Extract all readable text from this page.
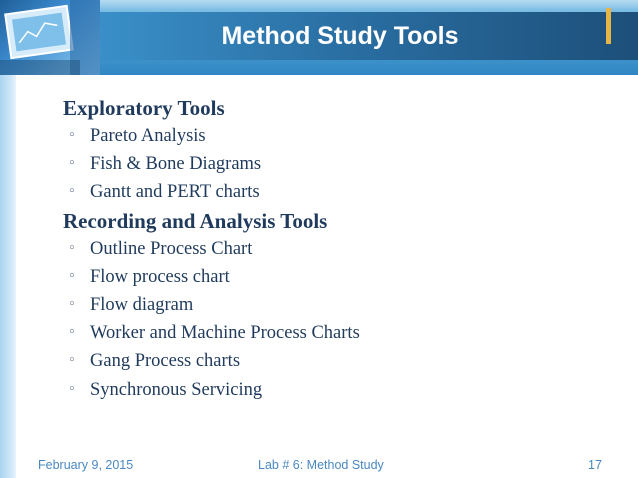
Method Study Tools
Exploratory Tools
◦ Pareto Analysis
◦ Fish & Bone Diagrams
◦ Gantt and PERT charts
Recording and Analysis Tools
◦ Outline Process Chart
◦ Flow process chart
◦ Flow diagram
◦ Worker and Machine Process Charts
◦ Gang Process charts
◦ Synchronous Servicing
February 9, 2015	Lab # 6: Method Study	17
